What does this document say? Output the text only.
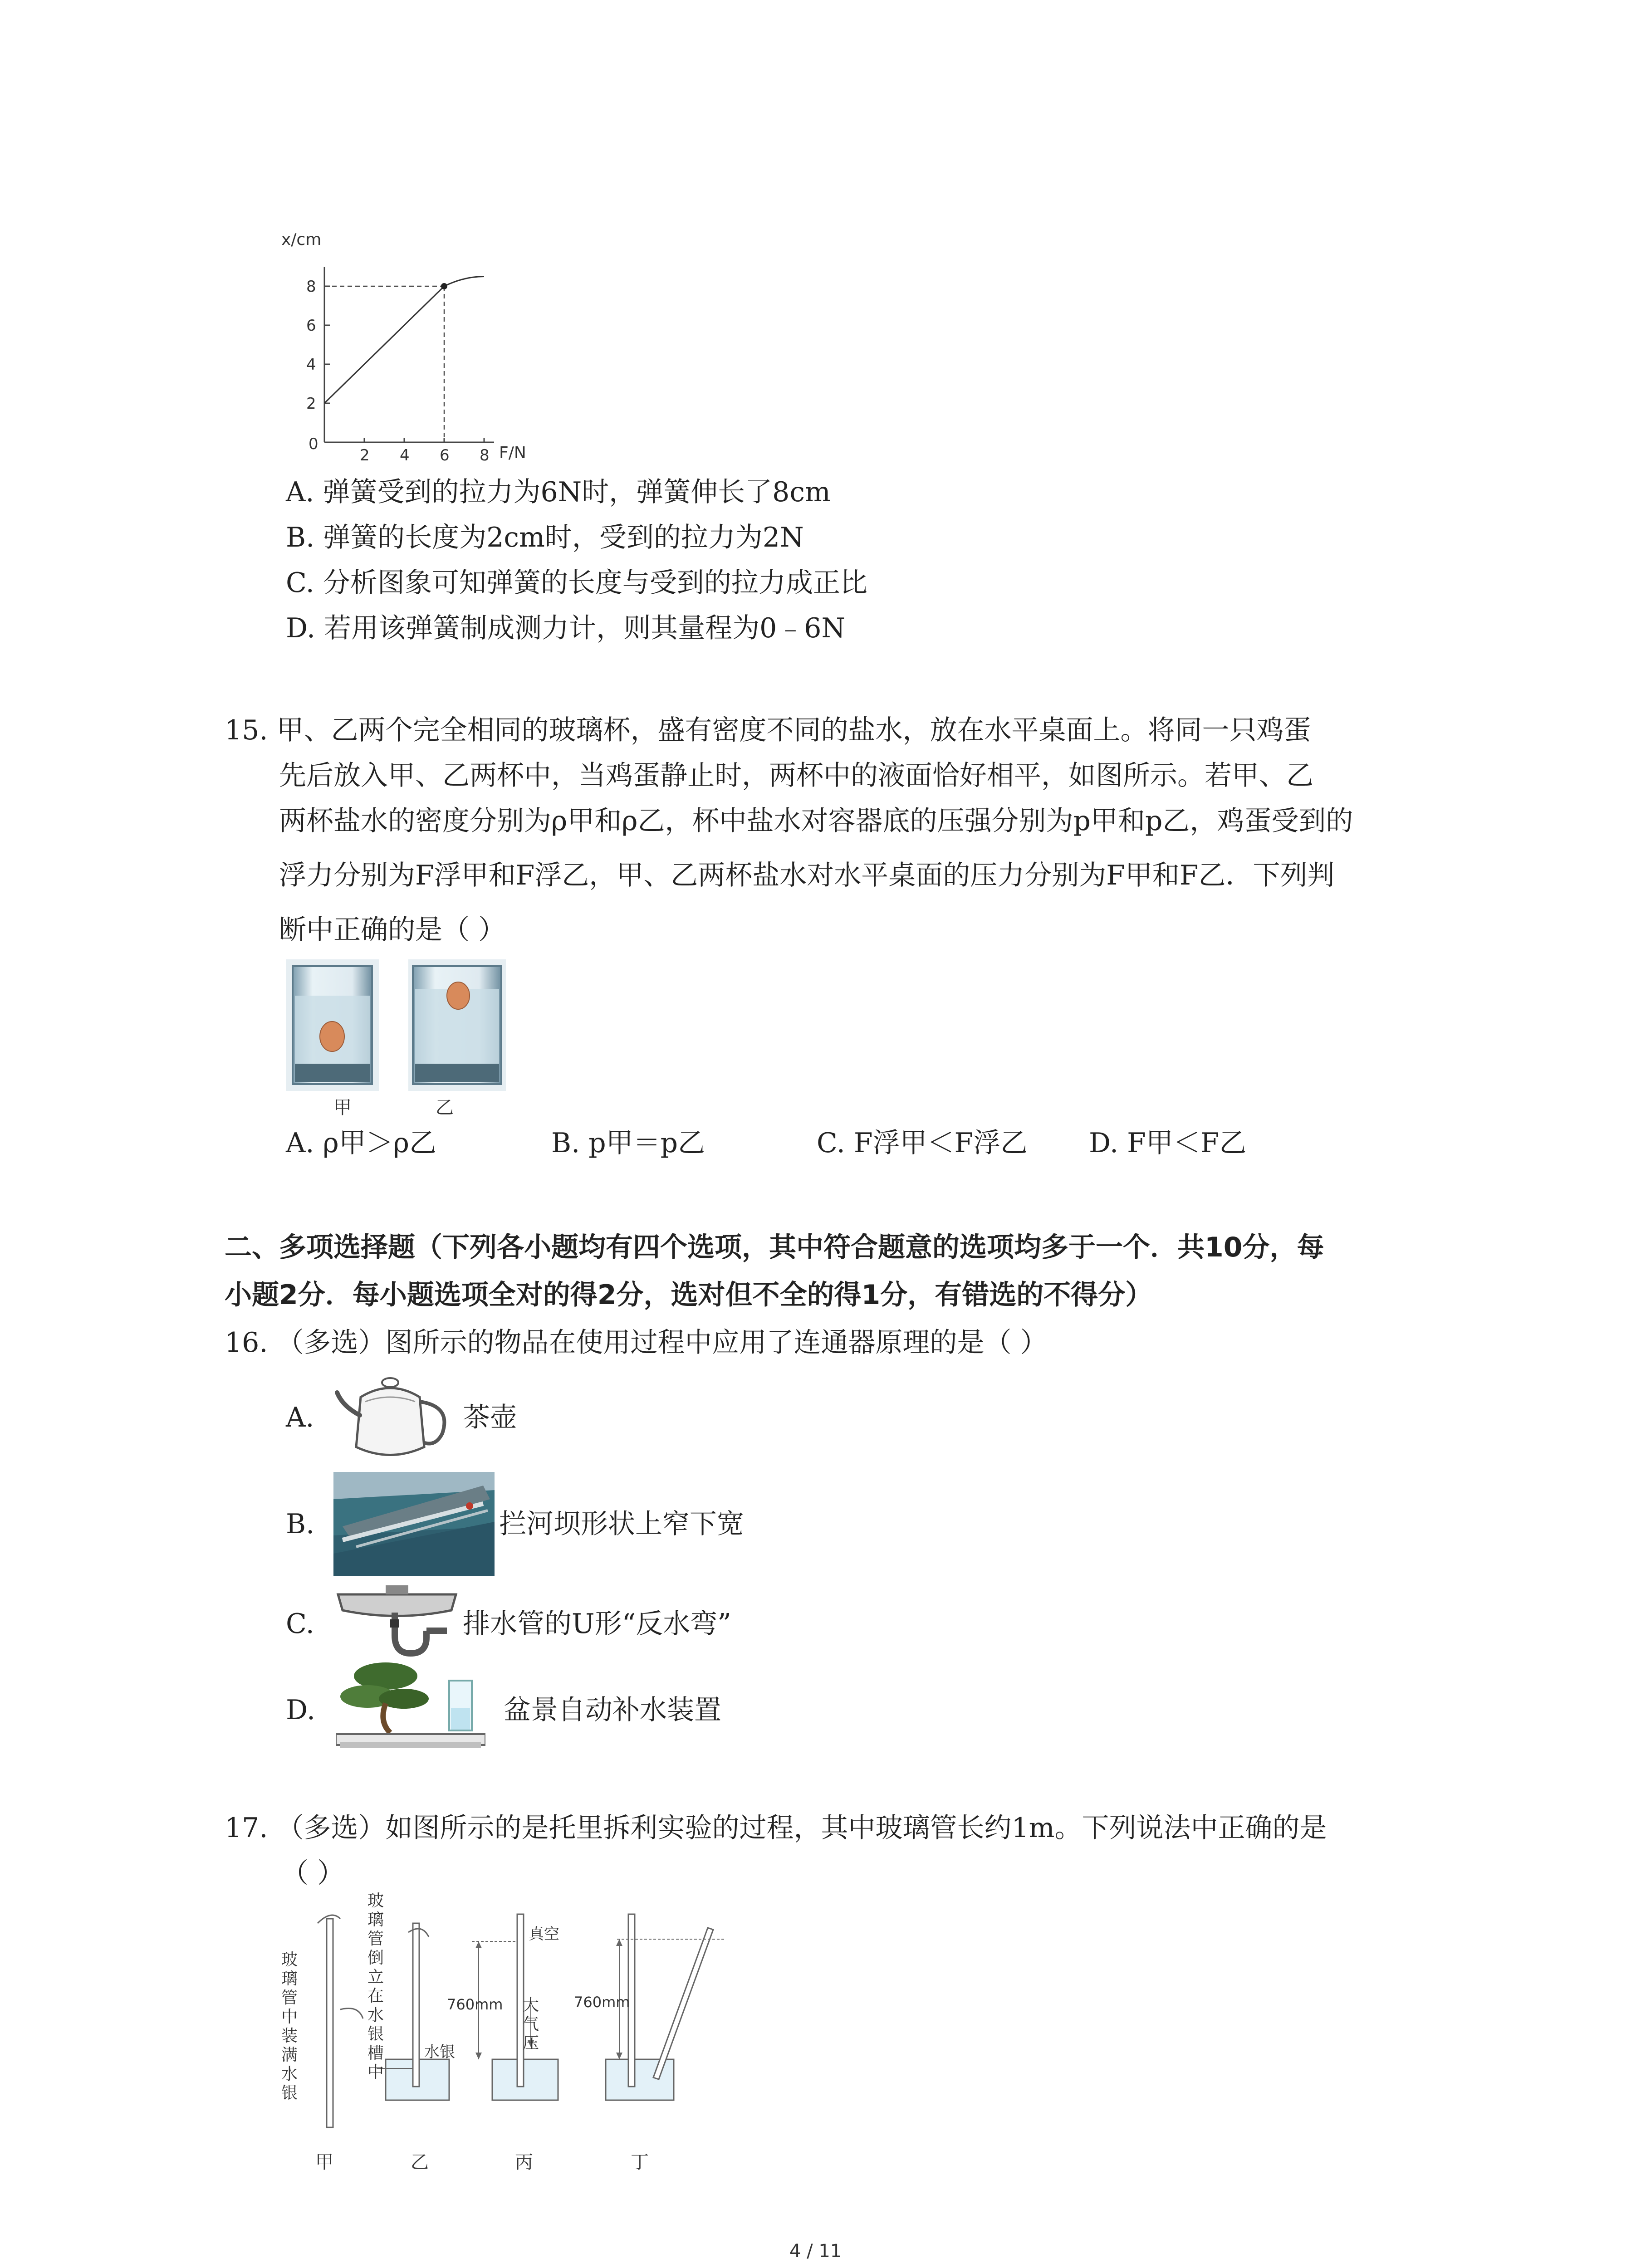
x/cm
F/N
0
2 4 6 8
2
4
6
8
A. 弹簧受到的拉力为6N时，弹簧伸长了8cm
B. 弹簧的长度为2cm时，受到的拉力为2N
C. 分析图象可知弹簧的长度与受到的拉力成正比
D. 若用该弹簧制成测力计，则其量程为0﹣6N
15. 甲、乙两个完全相同的玻璃杯，盛有密度不同的盐水，放在水平桌面上。将同一只鸡蛋
先后放入甲、乙两杯中，当鸡蛋静止时，两杯中的液面恰好相平，如图所示。若甲、乙
两杯盐水的密度分别为ρ甲和ρ乙，杯中盐水对容器底的压强分别为p甲和p乙，鸡蛋受到的
浮力分别为F浮甲和F浮乙，甲、乙两杯盐水对水平桌面的压力分别为F甲和F乙．下列判
断中正确的是（ ）
甲	乙
A. ρ甲＞ρ乙	B. p甲＝p乙	C. F浮甲＜F浮乙 D. F甲＜F乙
二、多项选择题（下列各小题均有四个选项，其中符合题意的选项均多于一个．共10分，每
小题2分．每小题选项全对的得2分，选对但不全的得1分，有错选的不得分）
16. （多选）图所示的物品在使用过程中应用了连通器原理的是（ ）
A.	茶壶
B.	拦河坝形状上窄下宽
C.	排水管的U形“反水弯”
D.	盆景自动补水装置
17. （多选）如图所示的是托里拆利实验的过程，其中玻璃管长约1m。下列说法中正确的是
（ ）
水银
真空
玻璃管中装满水银
玻璃管倒立在水银槽中
大气压
760mm	760mm
甲	乙	丙	丁
4 / 11
